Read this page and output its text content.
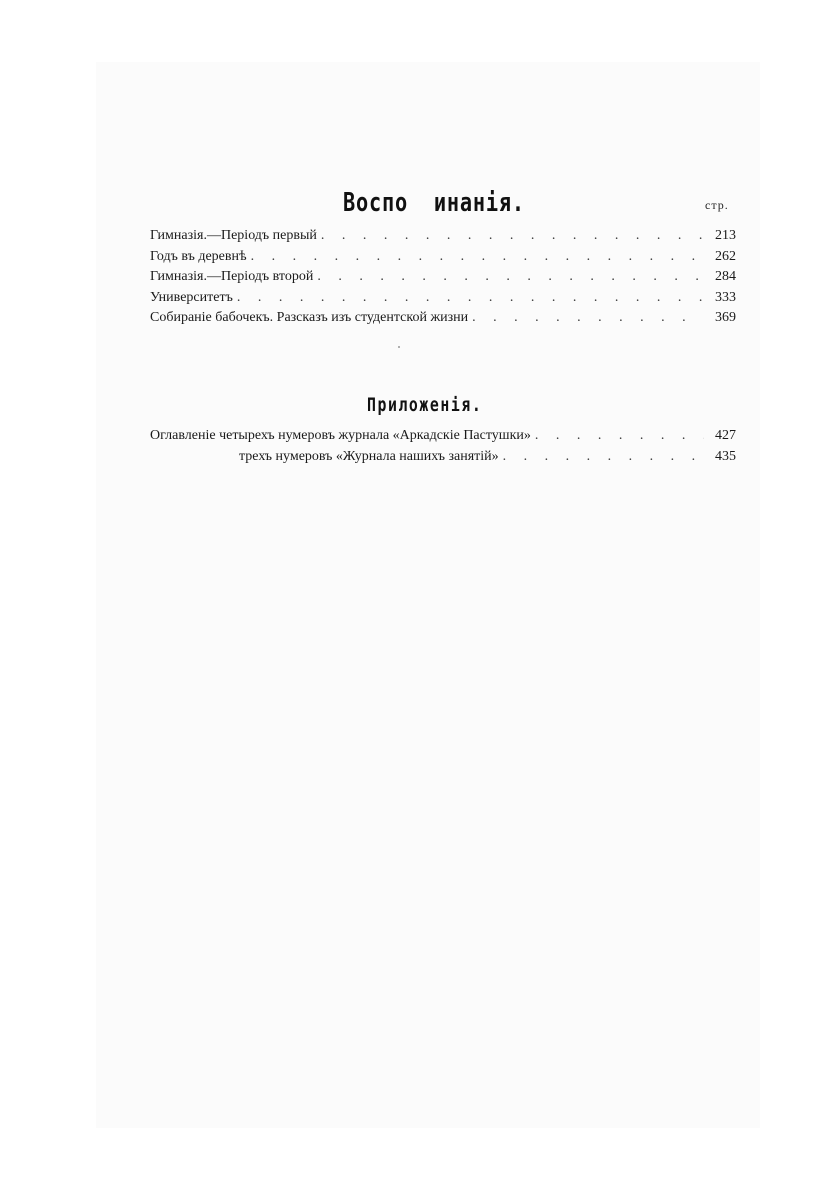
Воспо  инанія.	стр.
Гимназія.—Періодъ первый . . .	213
Годъ въ деревнѣ . . .	262
Гимназія.—Періодъ второй . . .	284
Университетъ . . .	333
Собираніе бабочекъ. Разсказъ изъ студентской жизни . . .	369
Приложенія.
Оглавленіе четырехъ нумеровъ журнала «Аркадскіе Пастушки» . . .	427
трехъ нумеровъ «Журнала нашихъ занятій» . . .	435
